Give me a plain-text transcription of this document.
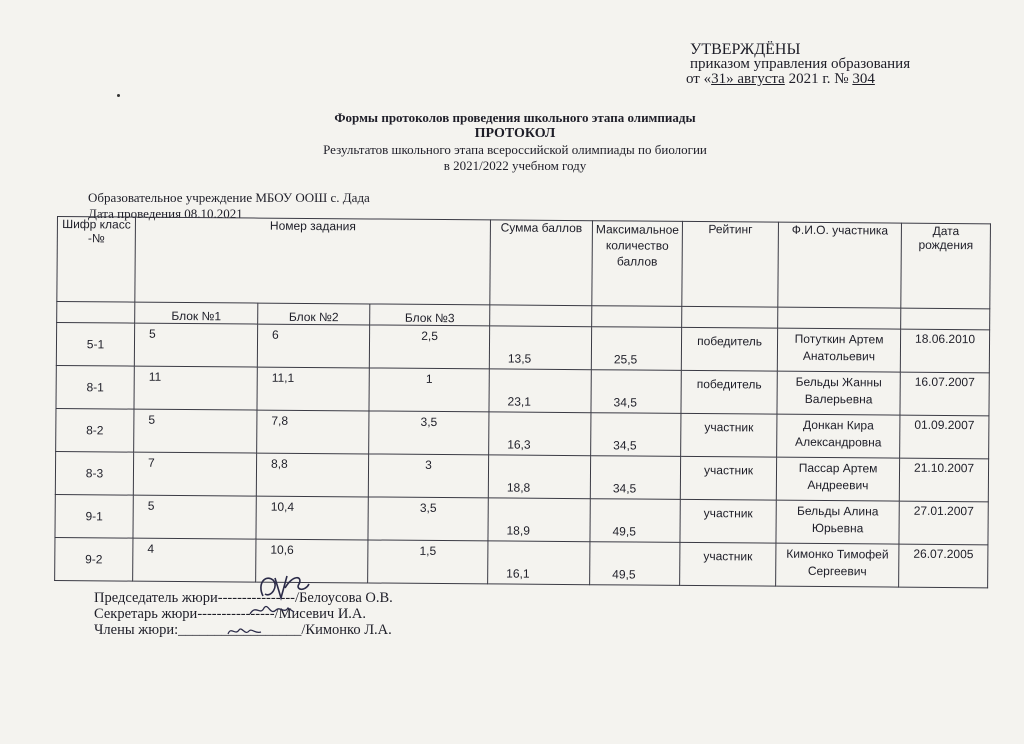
УТВЕРЖДЁНЫ
приказом управления образования
от «31» августа 2021 г. № 304
Формы протоколов проведения школьного этапа олимпиады
ПРОТОКОЛ
Результатов школьного этапа всероссийской олимпиады по биологии
в 2021/2022 учебном году
Образовательное учреждение МБОУ ООШ с. Дада
Дата проведения 08.10.2021
Шифр класс -№	Номер задания			Сумма баллов	Максимальное количество баллов	Рейтинг	Ф.И.О. участника	Дата рождения
	Блок №1	Блок №2	Блок №3					
5-1	5	6	2,5	13,5	25,5	победитель	Потуткин Артем Анатольевич	18.06.2010
8-1	11	11,1	1	23,1	34,5	победитель	Бельды Жанны Валерьевна	16.07.2007
8-2	5	7,8	3,5	16,3	34,5	участник	Донкан Кира Александровна	01.09.2007
8-3	7	8,8	3	18,8	34,5	участник	Пассар Артем Андреевич	21.10.2007
9-1	5	10,4	3,5	18,9	49,5	участник	Бельды Алина Юрьевна	27.01.2007
9-2	4	10,6	1,5	16,1	49,5	участник	Кимонко Тимофей Сергеевич	26.07.2005
Председатель жюри----------------/Белоусова О.В.
Секретарь жюри----------------/Мисевич И.А.
Члены жюри:_________________/Кимонко Л.А.
